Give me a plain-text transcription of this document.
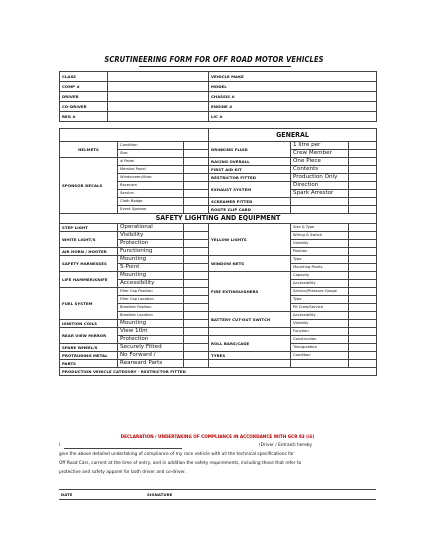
SCRUTINEERING FORM FOR OFF ROAD MOTOR VEHICLES
CLASS		VEHICLE MAKE
COMP #		MODEL
DRIVER		CHASSIS #
CO-DRIVER		ENGINE #
REG #		LIC #
			GENERAL		
HELMETS	Condition		DRINKING FLUID	1 litre per	
	Size			Crew Member	
SPONSOR DECALS	# Panel		RACING OVERALL	One Piece	
	Marshal Panel		FIRST AID KIT	Contents	
	Windscreen/Visor		RESTRICTOR FITTED	Production Only	
	Racecom		EXHAUST SYSTEM	Direction	
	Service			Spark Arrestor	
	Cloth Badge		SCREAMER FITTED		
	Event Sponsor		ROUTE CLIP CARD		
SAFETY LIGHTING AND EQUIPMENT					
STEP LIGHT	Operational		YELLOW LIGHTS	Size & Type	
WHITE LIGHT/S	Visibility			Wiring & Switch	
	Protection			Visibility	
AIR HORN / HOOTER	Functioning			Position	
SAFETY HARNESSES	Mounting		WINDOW NETS	Type	
	5-Point			Mounting Points	
LIFE HAMMER/KNIFE	Mounting		FIRE EXTINGUISHERS	Capacity	
	Accessibility			Accessibility	
FUEL SYSTEM	Filler Cap Position			Service/Pressure Gauge	
	Filler Cap Location			Type	
	Breather Position			Pit Crew/Service	
	Breather Location		BATTERY CUT-OUT SWITCH	Accessibility	
IGNITION COILS	Mounting			Visibility	
REAR VIEW MIRROR	View 10m			Function	
	Protection		ROLL BARS/CAGE	Construction	
SPARE WHEEL/S	Securely Fitted			Triangulation	
PROTRUDING METAL	No Forward /		TYRES	Condition	
PARTS	Rearward Parts				
PRODUCTION VEHICLE CATEGORY - RESTRICTOR FITTED					
DECLARATION / UNDERTAKING OF COMPLIANCE IN ACCORDANCE WITH GCR 93 (iii)
I	(Driver / Entrant) hereby
give the above detailed undertaking of compliance of my race vehicle with all the technical specifications for
Off Road Cars, current at the time of entry, and in addition the safety requirements, including those that refer to
protective and safety apparel for both driver and co-driver.
DATE	SIGNATURE
